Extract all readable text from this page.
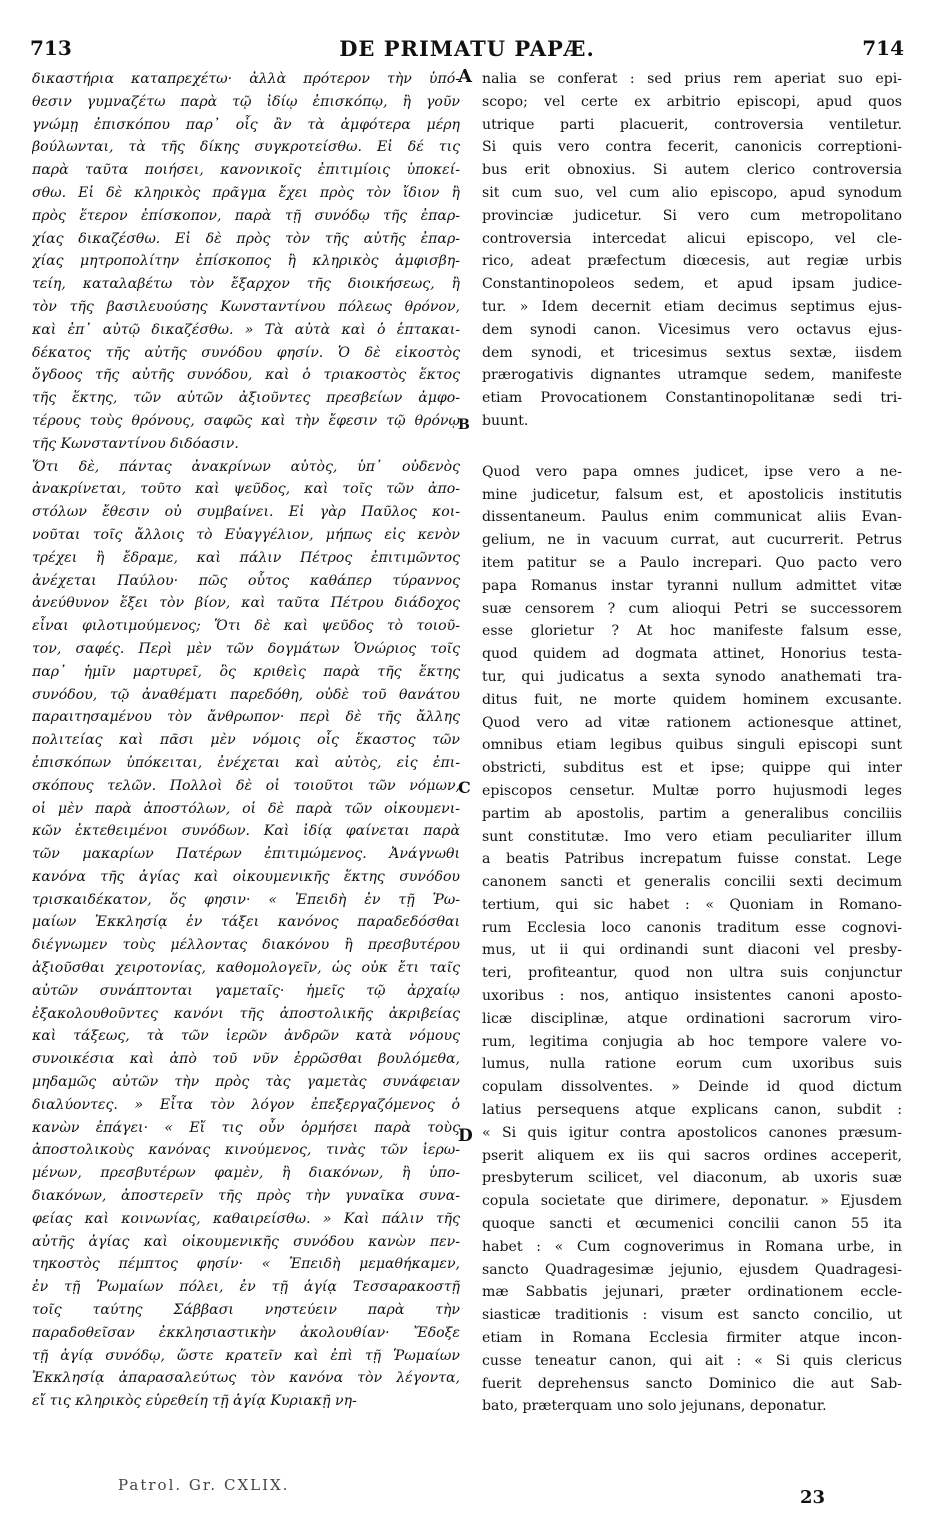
713	DE PRIMATU PAPÆ.	714
δικαστήρια καταπρεχέτω· ἀλλὰ πρότερον τὴν ὑπό-
θεσιν γυμναζέτω παρὰ τῷ ἰδίῳ ἐπισκόπῳ, ἢ γοῦν
γνώμῃ ἐπισκόπου παρ᾽ οἷς ἂν τὰ ἀμφότερα μέρη
βούλωνται, τὰ τῆς δίκης συγκροτείσθω. Εἰ δέ τις
παρὰ ταῦτα ποιήσει, κανονικοῖς ἐπιτιμίοις ὑποκεί-
σθω. Εἰ δὲ κληρικὸς πρᾶγμα ἔχει πρὸς τὸν ἴδιον ἢ
πρὸς ἕτερον ἐπίσκοπον, παρὰ τῇ συνόδῳ τῆς ἐπαρ-
χίας δικαζέσθω. Εἰ δὲ πρὸς τὸν τῆς αὐτῆς ἐπαρ-
χίας μητροπολίτην ἐπίσκοπος ἢ κληρικὸς ἀμφισβη-
τείη, καταλαβέτω τὸν ἔξαρχον τῆς διοικήσεως, ἢ
τὸν τῆς βασιλευούσης Κωνσταντίνου πόλεως θρόνον,
καὶ ἐπ᾽ αὐτῷ δικαζέσθω. » Τὰ αὐτὰ καὶ ὁ ἑπτακαι-
δέκατος τῆς αὐτῆς συνόδου φησίν. Ὁ δὲ εἰκοστὸς
ὄγδοος τῆς αὐτῆς συνόδου, καὶ ὁ τριακοστὸς ἕκτος
τῆς ἕκτης, τῶν αὐτῶν ἀξιοῦντες πρεσβείων ἀμφο-
τέρους τοὺς θρόνους, σαφῶς καὶ τὴν ἔφεσιν τῷ θρόνῳ
τῆς Κωνσταντίνου διδόασιν.
Ὅτι δὲ, πάντας ἀνακρίνων αὐτὸς, ὑπ᾽ οὐδενὸς
ἀνακρίνεται, τοῦτο καὶ ψεῦδος, καὶ τοῖς τῶν ἀπο-
στόλων ἔθεσιν οὐ συμβαίνει. Εἰ γὰρ Παῦλος κοι-
νοῦται τοῖς ἄλλοις τὸ Εὐαγγέλιον, μήπως εἰς κενὸν
τρέχει ἢ ἔδραμε, καὶ πάλιν Πέτρος ἐπιτιμῶντος
ἀνέχεται Παύλου· πῶς οὗτος καθάπερ τύραννος
ἀνεύθυνον ἕξει τὸν βίον, καὶ ταῦτα Πέτρου διάδοχος
εἶναι φιλοτιμούμενος; Ὅτι δὲ καὶ ψεῦδος τὸ τοιοῦ-
τον, σαφές. Περὶ μὲν τῶν δογμάτων Ὁνώριος τοῖς
παρ᾽ ἡμῖν μαρτυρεῖ, ὃς κριθεὶς παρὰ τῆς ἕκτης
συνόδου, τῷ ἀναθέματι παρεδόθη, οὐδὲ τοῦ θανάτου
παραιτησαμένου τὸν ἄνθρωπον· περὶ δὲ τῆς ἄλλης
πολιτείας καὶ πᾶσι μὲν νόμοις οἷς ἕκαστος τῶν
ἐπισκόπων ὑπόκειται, ἐνέχεται καὶ αὐτὸς, εἰς ἐπι-
σκόπους τελῶν. Πολλοὶ δὲ οἱ τοιοῦτοι τῶν νόμων,
οἱ μὲν παρὰ ἀποστόλων, οἱ δὲ παρὰ τῶν οἰκουμενι-
κῶν ἐκτεθειμένοι συνόδων. Καὶ ἰδίᾳ φαίνεται παρὰ
τῶν μακαρίων Πατέρων ἐπιτιμώμενος. Ἀνάγνωθι
κανόνα τῆς ἁγίας καὶ οἰκουμενικῆς ἕκτης συνόδου
τρισκαιδέκατον, ὅς φησιν· « Ἐπειδὴ ἐν τῇ Ῥω-
μαίων Ἐκκλησίᾳ ἐν τάξει κανόνος παραδεδόσθαι
διέγνωμεν τοὺς μέλλοντας διακόνου ἢ πρεσβυτέρου
ἀξιοῦσθαι χειροτονίας, καθομολογεῖν, ὡς οὐκ ἔτι ταῖς
αὐτῶν συνάπτονται γαμεταῖς· ἡμεῖς τῷ ἀρχαίῳ
ἐξακολουθοῦντες κανόνι τῆς ἀποστολικῆς ἀκριβείας
καὶ τάξεως, τὰ τῶν ἱερῶν ἀνδρῶν κατὰ νόμους
συνοικέσια καὶ ἀπὸ τοῦ νῦν ἐρρῶσθαι βουλόμεθα,
μηδαμῶς αὐτῶν τὴν πρὸς τὰς γαμετὰς συνάφειαν
διαλύοντες. » Εἶτα τὸν λόγον ἐπεξεργαζόμενος ὁ
κανὼν ἐπάγει· « Εἴ τις οὖν ὁρμήσει παρὰ τοὺς
ἀποστολικοὺς κανόνας κινούμενος, τινὰς τῶν ἱερω-
μένων, πρεσβυτέρων φαμὲν, ἢ διακόνων, ἢ ὑπο-
διακόνων, ἀποστερεῖν τῆς πρὸς τὴν γυναῖκα συνα-
φείας καὶ κοινωνίας, καθαιρείσθω. » Καὶ πάλιν τῆς
αὐτῆς ἁγίας καὶ οἰκουμενικῆς συνόδου κανὼν πεν-
τηκοστὸς πέμπτος φησίν· « Ἐπειδὴ μεμαθήκαμεν,
ἐν τῇ Ῥωμαίων πόλει, ἐν τῇ ἁγίᾳ Τεσσαρακοστῇ
τοῖς ταύτης Σάββασι νηστεύειν παρὰ τὴν
παραδοθεῖσαν ἐκκλησιαστικὴν ἀκολουθίαν· Ἔδοξε
τῇ ἁγίᾳ συνόδῳ, ὥστε κρατεῖν καὶ ἐπὶ τῇ Ῥωμαίων
Ἐκκλησίᾳ ἀπαρασαλεύτως τὸν κανόνα τὸν λέγοντα,
εἴ τις κληρικὸς εὑρεθείη τῇ ἁγίᾳ Κυριακῇ νη-
A
B
C
D
nalia se conferat : sed prius rem aperiat suo epi-
scopo; vel certe ex arbitrio episcopi, apud quos
utrique parti placuerit, controversia ventiletur.
Si quis vero contra fecerit, canonicis correptioni-
bus erit obnoxius. Si autem clerico controversia
sit cum suo, vel cum alio episcopo, apud synodum
provinciæ judicetur. Si vero cum metropolitano
controversia intercedat alicui episcopo, vel cle-
rico, adeat præfectum diœcesis, aut regiæ urbis
Constantinopoleos sedem, et apud ipsam judice-
tur. » Idem decernit etiam decimus septimus ejus-
dem synodi canon. Vicesimus vero octavus ejus-
dem synodi, et tricesimus sextus sextæ, iisdem
prærogativis dignantes utramque sedem, manifeste
etiam Provocationem Constantinopolitanæ sedi tri-
buunt.
Quod vero papa omnes judicet, ipse vero a ne-
mine judicetur, falsum est, et apostolicis institutis
dissentaneum. Paulus enim communicat aliis Evan-
gelium, ne in vacuum currat, aut cucurrerit. Petrus
item patitur se a Paulo increpari. Quo pacto vero
papa Romanus instar tyranni nullum admittet vitæ
suæ censorem ? cum alioqui Petri se successorem
esse glorietur ? At hoc manifeste falsum esse,
quod quidem ad dogmata attinet, Honorius testa-
tur, qui judicatus a sexta synodo anathemati tra-
ditus fuit, ne morte quidem hominem excusante.
Quod vero ad vitæ rationem actionesque attinet,
omnibus etiam legibus quibus singuli episcopi sunt
obstricti, subditus est et ipse; quippe qui inter
episcopos censetur. Multæ porro hujusmodi leges
partim ab apostolis, partim a generalibus conciliis
sunt constitutæ. Imo vero etiam peculiariter illum
a beatis Patribus increpatum fuisse constat. Lege
canonem sancti et generalis concilii sexti decimum
tertium, qui sic habet : « Quoniam in Romano-
rum Ecclesia loco canonis traditum esse cognovi-
mus, ut ii qui ordinandi sunt diaconi vel presby-
teri, profiteantur, quod non ultra suis conjunctur
uxoribus : nos, antiquo insistentes canoni aposto-
licæ disciplinæ, atque ordinationi sacrorum viro-
rum, legitima conjugia ab hoc tempore valere vo-
lumus, nulla ratione eorum cum uxoribus suis
copulam dissolventes. » Deinde id quod dictum
latius persequens atque explicans canon, subdit :
« Si quis igitur contra apostolicos canones præsum-
pserit aliquem ex iis qui sacros ordines acceperit,
presbyterum scilicet, vel diaconum, ab uxoris suæ
copula societate que dirimere, deponatur. » Ejusdem
quoque sancti et œcumenici concilii canon 55 ita
habet : « Cum cognoverimus in Romana urbe, in
sancto Quadragesimæ jejunio, ejusdem Quadragesi-
mæ Sabbatis jejunari, præter ordinationem eccle-
siasticæ traditionis : visum est sancto concilio, ut
etiam in Romana Ecclesia firmiter atque incon-
cusse teneatur canon, qui ait : « Si quis clericus
fuerit deprehensus sancto Dominico die aut Sab-
bato, præterquam uno solo jejunans, deponatur.
Patrol. Gr. CXLIX.
23
